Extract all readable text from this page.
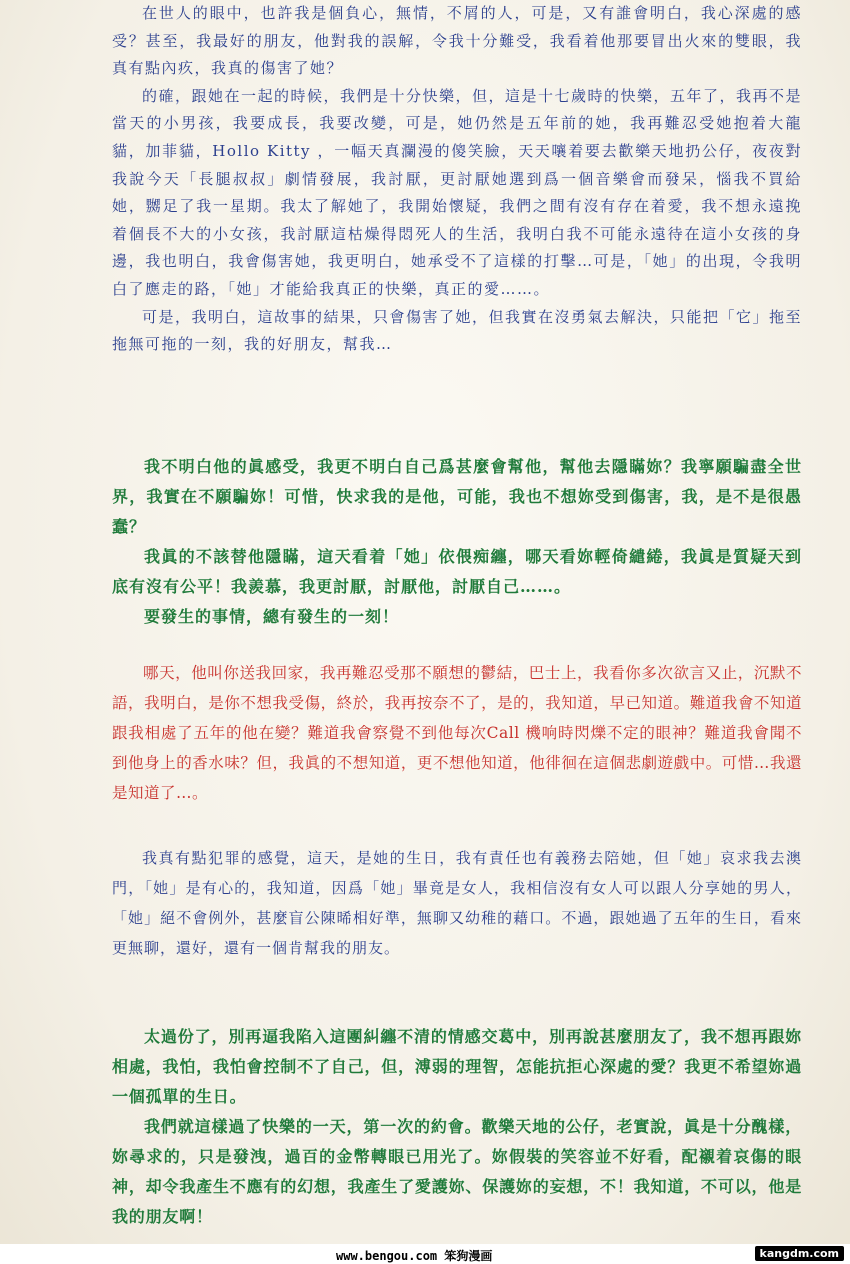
在世人的眼中，也許我是個負心，無情，不屑的人，可是，又有誰會明白，我心深處的感受？甚至，我最好的朋友，他對我的誤解，令我十分難受，我看着他那要冒出火來的雙眼，我真有點內疚，我真的傷害了她？

的確，跟她在一起的時候，我們是十分快樂，但，這是十七歲時的快樂，五年了，我再不是當天的小男孩，我要成長，我要改變，可是，她仍然是五年前的她，我再難忍受她抱着大龍貓，加菲貓，Hollo Kitty ，一幅天真瀾漫的傻笑臉，天天嚷着要去歡樂天地扔公仔，夜夜對我說今天「長腿叔叔」劇情發展，我討厭，更討厭她選到爲一個音樂會而發呆，惱我不買給她，嬲足了我一星期。我太了解她了，我開始懷疑，我們之間有沒有存在着愛，我不想永遠挽着個長不大的小女孩，我討厭這枯燥得悶死人的生活，我明白我不可能永遠待在這小女孩的身邊，我也明白，我會傷害她，我更明白，她承受不了這樣的打擊…可是，「她」的出現，令我明白了應走的路，「她」才能給我真正的快樂，真正的愛……。

可是，我明白，這故事的結果，只會傷害了她，但我實在沒勇氣去解決，只能把「它」拖至拖無可拖的一刻，我的好朋友，幫我…

我不明白他的眞感受，我更不明白自己爲甚麼會幫他，幫他去隱瞞妳？我寧願騙盡全世界，我實在不願騙妳！可惜，快求我的是他，可能，我也不想妳受到傷害，我，是不是很愚蠢？

我眞的不該替他隱瞞，這天看着「她」依偎痴纏，哪天看妳輕倚繾綣，我眞是質疑天到底有沒有公平！我羨慕，我更討厭，討厭他，討厭自己……。

要發生的事情，總有發生的一刻！

哪天，他叫你送我回家，我再難忍受那不願想的鬱結，巴士上，我看你多次欲言又止，沉默不語，我明白，是你不想我受傷，終於，我再按奈不了，是的，我知道，早已知道。難道我會不知道跟我相處了五年的他在變？難道我會察覺不到他每次Call 機响時閃爍不定的眼神？難道我會聞不到他身上的香水味？但，我眞的不想知道，更不想他知道，他徘徊在這個悲劇遊戲中。可惜…我還是知道了…。

我真有點犯罪的感覺，這天，是她的生日，我有責任也有義務去陪她，但「她」哀求我去澳門，「她」是有心的，我知道，因爲「她」畢竟是女人，我相信沒有女人可以跟人分享她的男人，「她」絕不會例外，甚麼盲公陳晞相好準，無聊又幼稚的藉口。不過，跟她過了五年的生日，看來更無聊，還好，還有一個肯幫我的朋友。

太過份了，別再逼我陷入這團糾纏不清的情感交葛中，別再說甚麼朋友了，我不想再跟妳相處，我怕，我怕會控制不了自己，但，溥弱的理智，怎能抗拒心深處的愛？我更不希望妳過一個孤單的生日。

我們就這樣過了快樂的一天，第一次的約會。歡樂天地的公仔，老實說，眞是十分醜樣，妳尋求的，只是發洩，過百的金幣轉眼已用光了。妳假裝的笑容並不好看，配襯着哀傷的眼神，却令我產生不應有的幻想，我產生了愛護妳、保護妳的妄想，不！我知道，不可以，他是我的朋友啊！

www.bengou.com 笨狗漫画	kangdm.com
